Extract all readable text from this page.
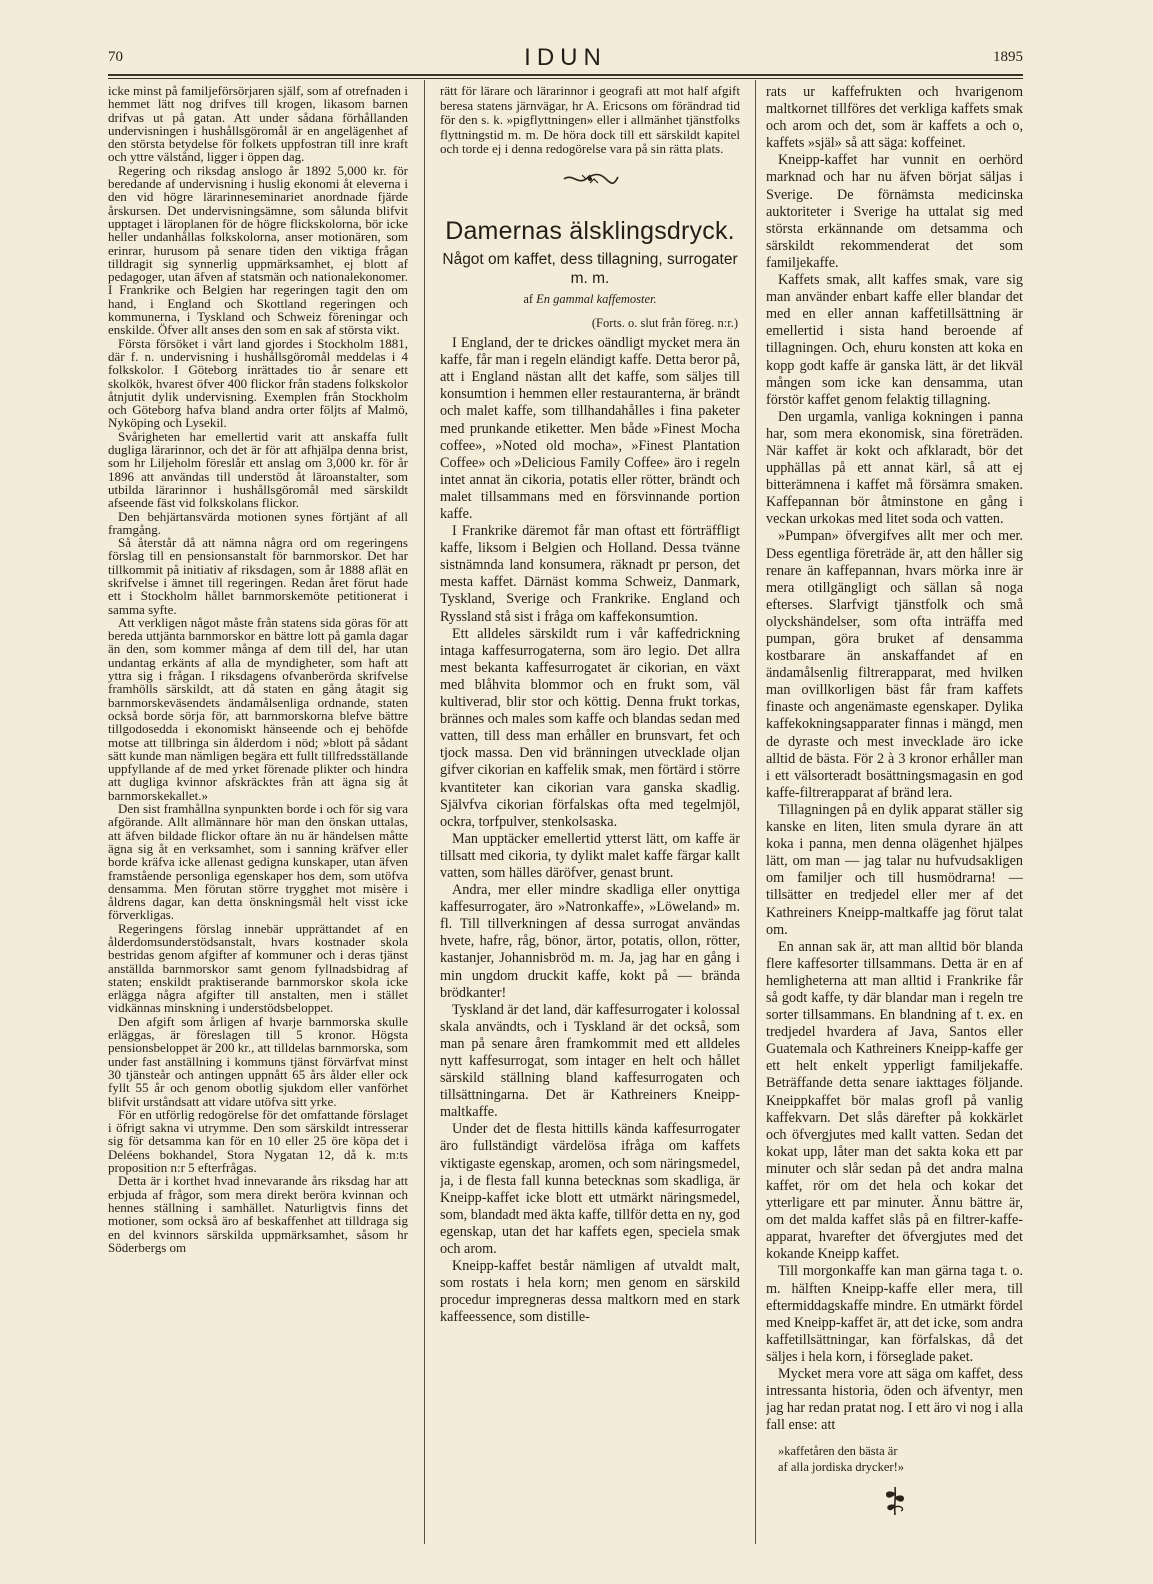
70	IDUN	1895

icke minst på familjeförsörjaren själf, som af otrefnaden i hemmet lätt nog drifves till krogen, likasom barnen drifvas ut på gatan. Att under sådana förhållanden undervisningen i hushållsgöromål är en angelägenhet af den största betydelse för folkets uppfostran till inre kraft och yttre välstånd, ligger i öppen dag.

Regering och riksdag anslogo år 1892 5,000 kr. för beredande af undervisning i huslig ekonomi åt eleverna i den vid högre lärarinneseminariet anordnade fjärde årskursen. Det undervisningsämne, som sålunda blifvit upptaget i läroplanen för de högre flickskolorna, bör icke heller undanhållas folkskolorna, anser motionären, som erinrar, hurusom på senare tiden den viktiga frågan tilldragit sig synnerlig uppmärksamhet, ej blott af pedagoger, utan äfven af statsmän och nationalekonomer. I Frankrike och Belgien har regeringen tagit den om hand, i England och Skottland regeringen och kommunerna, i Tyskland och Schweiz föreningar och enskilde. Öfver allt anses den som en sak af största vikt.

Första försöket i vårt land gjordes i Stockholm 1881, där f. n. undervisning i hushållsgöromål meddelas i 4 folkskolor. I Göteborg inrättades tio år senare ett skolkök, hvarest öfver 400 flickor från stadens folkskolor åtnjutit dylik undervisning. Exemplen från Stockholm och Göteborg hafva bland andra orter följts af Malmö, Nyköping och Lysekil.

Svårigheten har emellertid varit att anskaffa fullt dugliga lärarinnor, och det är för att afhjälpa denna brist, som hr Liljeholm föreslår ett anslag om 3,000 kr. för år 1896 att användas till understöd åt läroanstalter, som utbilda lärarinnor i hushållsgöromål med särskildt afseende fäst vid folkskolans flickor.

Den behjärtansvärda motionen synes förtjänt af all framgång.

Så återstår då att nämna några ord om regeringens förslag till en pensionsanstalt för barnmorskor. Det har tillkommit på initiativ af riksdagen, som år 1888 aflät en skrifvelse i ämnet till regeringen. Redan året förut hade ett i Stockholm hållet barnmorskemöte petitionerat i samma syfte.

Att verkligen något måste från statens sida göras för att bereda uttjänta barnmorskor en bättre lott på gamla dagar än den, som kommer många af dem till del, har utan undantag erkänts af alla de myndigheter, som haft att yttra sig i frågan. I riksdagens ofvanberörda skrifvelse framhölls särskildt, att då staten en gång åtagit sig barnmorskeväsendets ändamålsenliga ordnande, staten också borde sörja för, att barnmorskorna blefve bättre tillgodosedda i ekonomiskt hänseende och ej behöfde motse att tillbringa sin ålderdom i nöd; »blott på sådant sätt kunde man nämligen begära ett fullt tillfredsställande uppfyllande af de med yrket förenade plikter och hindra att dugliga kvinnor afskräcktes från att ägna sig åt barnmorskekallet.»

Den sist framhållna synpunkten borde i och för sig vara afgörande. Allt allmännare hör man den önskan uttalas, att äfven bildade flickor oftare än nu är händelsen måtte ägna sig åt en verksamhet, som i sanning kräfver eller borde kräfva icke allenast gedigna kunskaper, utan äfven framstående personliga egenskaper hos dem, som utöfva densamma. Men förutan större trygghet mot misère i åldrens dagar, kan detta önskningsmål helt visst icke förverkligas.

Regeringens förslag innebär upprättandet af en ålderdomsunderstödsanstalt, hvars kostnader skola bestridas genom afgifter af kommuner och i deras tjänst anställda barnmorskor samt genom fyllnadsbidrag af staten; enskildt praktiserande barnmorskor skola icke erlägga några afgifter till anstalten, men i stället vidkännas minskning i understödsbeloppet.

Den afgift som årligen af hvarje barnmorska skulle erläggas, är föreslagen till 5 kronor. Högsta pensionsbeloppet är 200 kr., att tilldelas barnmorska, som under fast anställning i kommuns tjänst förvärfvat minst 30 tjänsteår och antingen uppnått 65 års ålder eller ock fyllt 55 år och genom obotlig sjukdom eller vanförhet blifvit urståndsatt att vidare utöfva sitt yrke.

För en utförlig redogörelse för det omfattande förslaget i öfrigt sakna vi utrymme. Den som särskildt intresserar sig för detsamma kan för en 10 eller 25 öre köpa det i Deléens bokhandel, Stora Nygatan 12, då k. m:ts proposition n:r 5 efterfrågas.

Detta är i korthet hvad innevarande års riksdag har att erbjuda af frågor, som mera direkt beröra kvinnan och hennes ställning i samhället. Naturligtvis finns det motioner, som också äro af beskaffenhet att tilldraga sig en del kvinnors särskilda uppmärksamhet, såsom hr Söderbergs om

rätt för lärare och lärarinnor i geografi att mot half afgift beresa statens järnvägar, hr A. Ericsons om förändrad tid för den s. k. »pigflyttningen» eller i allmänhet tjänstfolks flyttningstid m. m. De höra dock till ett särskildt kapitel och torde ej i denna redogörelse vara på sin rätta plats.

Damernas älsklingsdryck.
Något om kaffet, dess tillagning, surrogater m. m.
af En gammal kaffemoster.
(Forts. o. slut från föreg. n:r.)

I England, der te drickes oändligt mycket mera än kaffe, får man i regeln eländigt kaffe. Detta beror på, att i England nästan allt det kaffe, som säljes till konsumtion i hemmen eller restauranterna, är brändt och malet kaffe, som tillhandahålles i fina paketer med prunkande etiketter. Men både »Finest Mocha coffee», »Noted old mocha», »Finest Plantation Coffee» och »Delicious Family Coffee» äro i regeln intet annat än cikoria, potatis eller rötter, brändt och malet tillsammans med en försvinnande portion kaffe.

I Frankrike däremot får man oftast ett förträffligt kaffe, liksom i Belgien och Holland. Dessa tvänne sistnämnda land konsumera, räknadt pr person, det mesta kaffet. Därnäst komma Schweiz, Danmark, Tyskland, Sverige och Frankrike. England och Ryssland stå sist i fråga om kaffekonsumtion.

Ett alldeles särskildt rum i vår kaffedrickning intaga kaffesurrogaterna, som äro legio. Det allra mest bekanta kaffesurrogatet är cikorian, en växt med blåhvita blommor och en frukt som, väl kultiverad, blir stor och köttig. Denna frukt torkas, brännes och males som kaffe och blandas sedan med vatten, till dess man erhåller en brunsvart, fet och tjock massa. Den vid bränningen utvecklade oljan gifver cikorian en kaffelik smak, men förtärd i större kvantiteter kan cikorian vara ganska skadlig. Självfva cikorian förfalskas ofta med tegelmjöl, ockra, torfpulver, stenkolsaska.

Man upptäcker emellertid ytterst lätt, om kaffe är tillsatt med cikoria, ty dylikt malet kaffe färgar kallt vatten, som hälles däröfver, genast brunt.

Andra, mer eller mindre skadliga eller onyttiga kaffesurrogater, äro »Natronkaffe», »Löweland» m. fl. Till tillverkningen af dessa surrogat användas hvete, hafre, råg, bönor, ärtor, potatis, ollon, rötter, kastanjer, Johannisbröd m. m. Ja, jag har en gång i min ungdom druckit kaffe, kokt på — brända brödkanter!

Tyskland är det land, där kaffesurrogater i kolossal skala användts, och i Tyskland är det också, som man på senare åren framkommit med ett alldeles nytt kaffesurrogat, som intager en helt och hållet särskild ställning bland kaffesurrogaten och tillsättningarna. Det är Kathreiners Kneipp-maltkaffe.

Under det de flesta hittills kända kaffesurrogater äro fullständigt värdelösa ifråga om kaffets viktigaste egenskap, aromen, och som näringsmedel, ja, i de flesta fall kunna betecknas som skadliga, är Kneipp-kaffet icke blott ett utmärkt näringsmedel, som, blandadt med äkta kaffe, tillför detta en ny, god egenskap, utan det har kaffets egen, speciela smak och arom.

Kneipp-kaffet består nämligen af utvaldt malt, som rostats i hela korn; men genom en särskild procedur impregneras dessa maltkorn med en stark kaffeessence, som distille-

rats ur kaffefrukten och hvarigenom maltkornet tillföres det verkliga kaffets smak och arom och det, som är kaffets a och o, kaffets »själ» så att säga: koffeinet.

Kneipp-kaffet har vunnit en oerhörd marknad och har nu äfven börjat säljas i Sverige. De förnämsta medicinska auktoriteter i Sverige ha uttalat sig med största erkännande om detsamma och särskildt rekommenderat det som familjekaffe.

Kaffets smak, allt kaffes smak, vare sig man använder enbart kaffe eller blandar det med en eller annan kaffetillsättning är emellertid i sista hand beroende af tillagningen. Och, ehuru konsten att koka en kopp godt kaffe är ganska lätt, är det likväl mången som icke kan densamma, utan förstör kaffet genom felaktig tillagning.

Den urgamla, vanliga kokningen i panna har, som mera ekonomisk, sina företräden. När kaffet är kokt och afklaradt, bör det upphällas på ett annat kärl, så att ej bitterämnena i kaffet må försämra smaken. Kaffepannan bör åtminstone en gång i veckan urkokas med litet soda och vatten.

»Pumpan» öfvergifves allt mer och mer. Dess egentliga företräde är, att den håller sig renare än kaffepannan, hvars mörka inre är mera otillgängligt och sällan så noga efterses. Slarfvigt tjänstfolk och små olyckshändelser, som ofta inträffa med pumpan, göra bruket af densamma kostbarare än anskaffandet af en ändamålsenlig filtrerapparat, med hvilken man ovillkorligen bäst får fram kaffets finaste och angenämaste egenskaper. Dylika kaffekokningsapparater finnas i mängd, men de dyraste och mest invecklade äro icke alltid de bästa. För 2 à 3 kronor erhåller man i ett välsorteradt bosättningsmagasin en god kaffe-filtrerapparat af bränd lera.

Tillagningen på en dylik apparat ställer sig kanske en liten, liten smula dyrare än att koka i panna, men denna olägenhet hjälpes lätt, om man — jag talar nu hufvudsakligen om familjer och till husmödrarna! — tillsätter en tredjedel eller mer af det Kathreiners Kneipp-maltkaffe jag förut talat om.

En annan sak är, att man alltid bör blanda flere kaffesorter tillsammans. Detta är en af hemligheterna att man alltid i Frankrike får så godt kaffe, ty där blandar man i regeln tre sorter tillsammans. En blandning af t. ex. en tredjedel hvardera af Java, Santos eller Guatemala och Kathreiners Kneipp-kaffe ger ett helt enkelt ypperligt familjekaffe. Beträffande detta senare iakttages följande. Kneippkaffet bör malas grofl på vanlig kaffekvarn. Det slås därefter på kokkärlet och öfvergjutes med kallt vatten. Sedan det kokat upp, låter man det sakta koka ett par minuter och slår sedan på det andra malna kaffet, rör om det hela och kokar det ytterligare ett par minuter. Ännu bättre är, om det malda kaffet slås på en filtrer-kaffe-apparat, hvarefter det öfvergjutes med det kokande Kneipp kaffet.

Till morgonkaffe kan man gärna taga t. o. m. hälften Kneipp-kaffe eller mera, till eftermiddagskaffe mindre. En utmärkt fördel med Kneipp-kaffet är, att det icke, som andra kaffetillsättningar, kan förfalskas, då det säljes i hela korn, i förseglade paket.

Mycket mera vore att säga om kaffet, dess intressanta historia, öden och äfventyr, men jag har redan pratat nog. I ett äro vi nog i alla fall ense: att

»kaffetåren den bästa är
af alla jordiska drycker!»
